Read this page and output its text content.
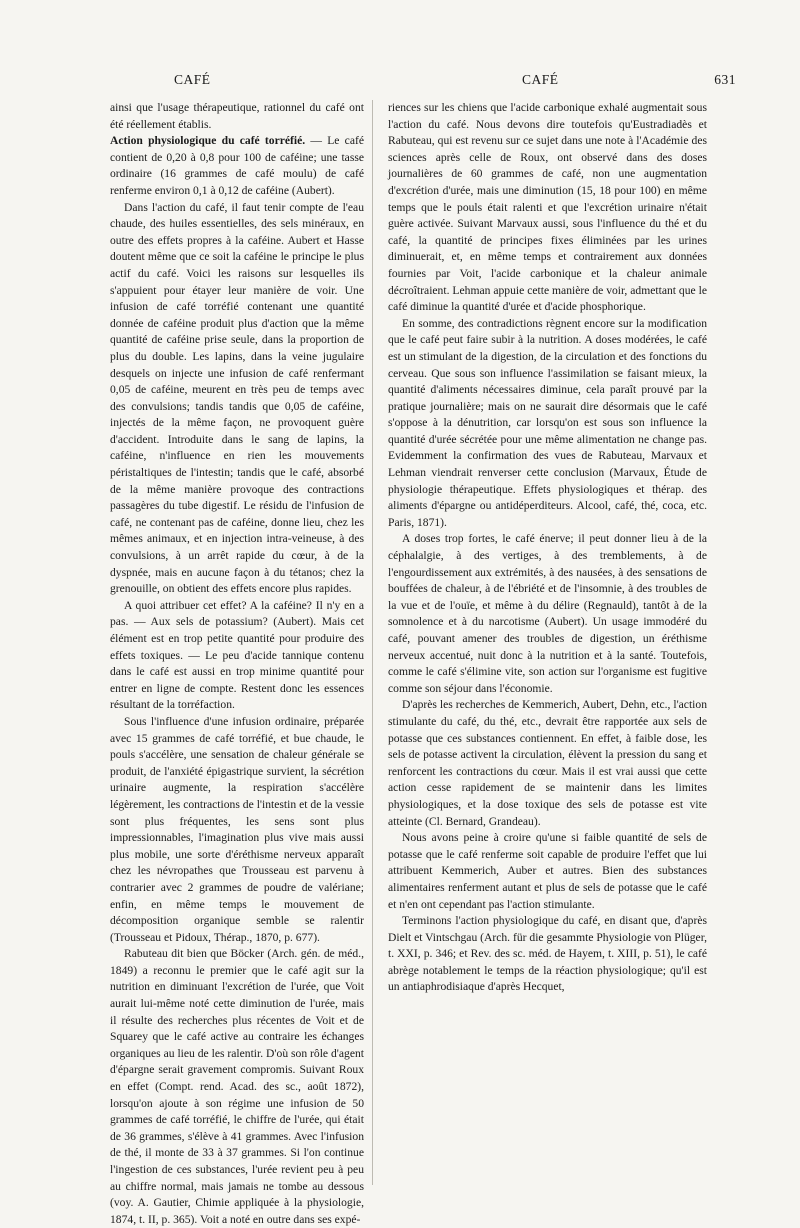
CAFÉ	CAFÉ	631

ainsi que l'usage thérapeutique, rationnel du café ont été réellement établis.

Action physiologique du café torréfié. — Le café contient de 0,20 à 0,8 pour 100 de caféine; une tasse ordinaire (16 grammes de café moulu) de café renferme environ 0,1 à 0,12 de caféine (Aubert).

Dans l'action du café, il faut tenir compte de l'eau chaude, des huiles essentielles, des sels minéraux, en outre des effets propres à la caféine. Aubert et Hasse doutent même que ce soit la caféine le principe le plus actif du café. Voici les raisons sur lesquelles ils s'appuient pour étayer leur manière de voir. Une infusion de café torréfié contenant une quantité donnée de caféine produit plus d'action que la même quantité de caféine prise seule, dans la proportion de plus du double. Les lapins, dans la veine jugulaire desquels on injecte une infusion de café renfermant 0,05 de caféine, meurent en très peu de temps avec des convulsions; tandis tandis que 0,05 de caféine, injectés de la même façon, ne provoquent guère d'accident. Introduite dans le sang de lapins, la caféine, n'influence en rien les mouvements péristaltiques de l'intestin; tandis que le café, absorbé de la même manière provoque des contractions passagères du tube digestif. Le résidu de l'infusion de café, ne contenant pas de caféine, donne lieu, chez les mêmes animaux, et en injection intra-veineuse, à des convulsions, à un arrêt rapide du cœur, à de la dyspnée, mais en aucune façon à du tétanos; chez la grenouille, on obtient des effets encore plus rapides.

A quoi attribuer cet effet? A la caféine? Il n'y en a pas. — Aux sels de potassium? (Aubert). Mais cet élément est en trop petite quantité pour produire des effets toxiques. — Le peu d'acide tannique contenu dans le café est aussi en trop minime quantité pour entrer en ligne de compte. Restent donc les essences résultant de la torréfaction.

Sous l'influence d'une infusion ordinaire, préparée avec 15 grammes de café torréfié, et bue chaude, le pouls s'accélère, une sensation de chaleur générale se produit, de l'anxiété épigastrique survient, la sécrétion urinaire augmente, la respiration s'accélère légèrement, les contractions de l'intestin et de la vessie sont plus fréquentes, les sens sont plus impressionnables, l'imagination plus vive mais aussi plus mobile, une sorte d'éréthisme nerveux apparaît chez les névropathes que Trousseau est parvenu à contrarier avec 2 grammes de poudre de valériane; enfin, en même temps le mouvement de décomposition organique semble se ralentir (Trousseau et Pidoux, Thérap., 1870, p. 677).

Rabuteau dit bien que Böcker (Arch. gén. de méd., 1849) a reconnu le premier que le café agit sur la nutrition en diminuant l'excrétion de l'urée, que Voit aurait lui-même noté cette diminution de l'urée, mais il résulte des recherches plus récentes de Voit et de Squarey que le café active au contraire les échanges organiques au lieu de les ralentir. D'où son rôle d'agent d'épargne serait gravement compromis. Suivant Roux en effet (Compt. rend. Acad. des sc., août 1872), lorsqu'on ajoute à son régime une infusion de 50 grammes de café torréfié, le chiffre de l'urée, qui était de 36 grammes, s'élève à 41 grammes. Avec l'infusion de thé, il monte de 33 à 37 grammes. Si l'on continue l'ingestion de ces substances, l'urée revient peu à peu au chiffre normal, mais jamais ne tombe au dessous (voy. A. Gautier, Chimie appliquée à la physiologie, 1874, t. II, p. 365). Voit a noté en outre dans ses expé-

riences sur les chiens que l'acide carbonique exhalé augmentait sous l'action du café. Nous devons dire toutefois qu'Eustradiadès et Rabuteau, qui est revenu sur ce sujet dans une note à l'Académie des sciences après celle de Roux, ont observé dans des doses journalières de 60 grammes de café, non une augmentation d'excrétion d'urée, mais une diminution (15, 18 pour 100) en même temps que le pouls était ralenti et que l'excrétion urinaire n'était guère activée. Suivant Marvaux aussi, sous l'influence du thé et du café, la quantité de principes fixes éliminées par les urines diminuerait, et, en même temps et contrairement aux données fournies par Voit, l'acide carbonique et la chaleur animale décroîtraient. Lehman appuie cette manière de voir, admettant que le café diminue la quantité d'urée et d'acide phosphorique.

En somme, des contradictions règnent encore sur la modification que le café peut faire subir à la nutrition. A doses modérées, le café est un stimulant de la digestion, de la circulation et des fonctions du cerveau. Que sous son influence l'assimilation se faisant mieux, la quantité d'aliments nécessaires diminue, cela paraît prouvé par la pratique journalière; mais on ne saurait dire désormais que le café s'oppose à la dénutrition, car lorsqu'on est sous son influence la quantité d'urée sécrétée pour une même alimentation ne change pas. Evidemment la confirmation des vues de Rabuteau, Marvaux et Lehman viendrait renverser cette conclusion (Marvaux, Étude de physiologie thérapeutique. Effets physiologiques et thérap. des aliments d'épargne ou antidéperditeurs. Alcool, café, thé, coca, etc. Paris, 1871).

A doses trop fortes, le café énerve; il peut donner lieu à de la céphalalgie, à des vertiges, à des tremblements, à de l'engourdissement aux extrémités, à des nausées, à des sensations de bouffées de chaleur, à de l'ébriété et de l'insomnie, à des troubles de la vue et de l'ouïe, et même à du délire (Regnauld), tantôt à de la somnolence et à du narcotisme (Aubert). Un usage immodéré du café, pouvant amener des troubles de digestion, un éréthisme nerveux accentué, nuit donc à la nutrition et à la santé. Toutefois, comme le café s'élimine vite, son action sur l'organisme est fugitive comme son séjour dans l'économie.

D'après les recherches de Kemmerich, Aubert, Dehn, etc., l'action stimulante du café, du thé, etc., devrait être rapportée aux sels de potasse que ces substances contiennent. En effet, à faible dose, les sels de potasse activent la circulation, élèvent la pression du sang et renforcent les contractions du cœur. Mais il est vrai aussi que cette action cesse rapidement de se maintenir dans les limites physiologiques, et la dose toxique des sels de potasse est vite atteinte (Cl. Bernard, Grandeau).

Nous avons peine à croire qu'une si faible quantité de sels de potasse que le café renferme soit capable de produire l'effet que lui attribuent Kemmerich, Auber et autres. Bien des substances alimentaires renferment autant et plus de sels de potasse que le café et n'en ont cependant pas l'action stimulante.

Terminons l'action physiologique du café, en disant que, d'après Dielt et Vintschgau (Arch. für die gesammte Physiologie von Plüger, t. XXI, p. 346; et Rev. des sc. méd. de Hayem, t. XIII, p. 51), le café abrège notablement le temps de la réaction physiologique; qu'il est un antiaphrodisiaque d'après Hecquet,
